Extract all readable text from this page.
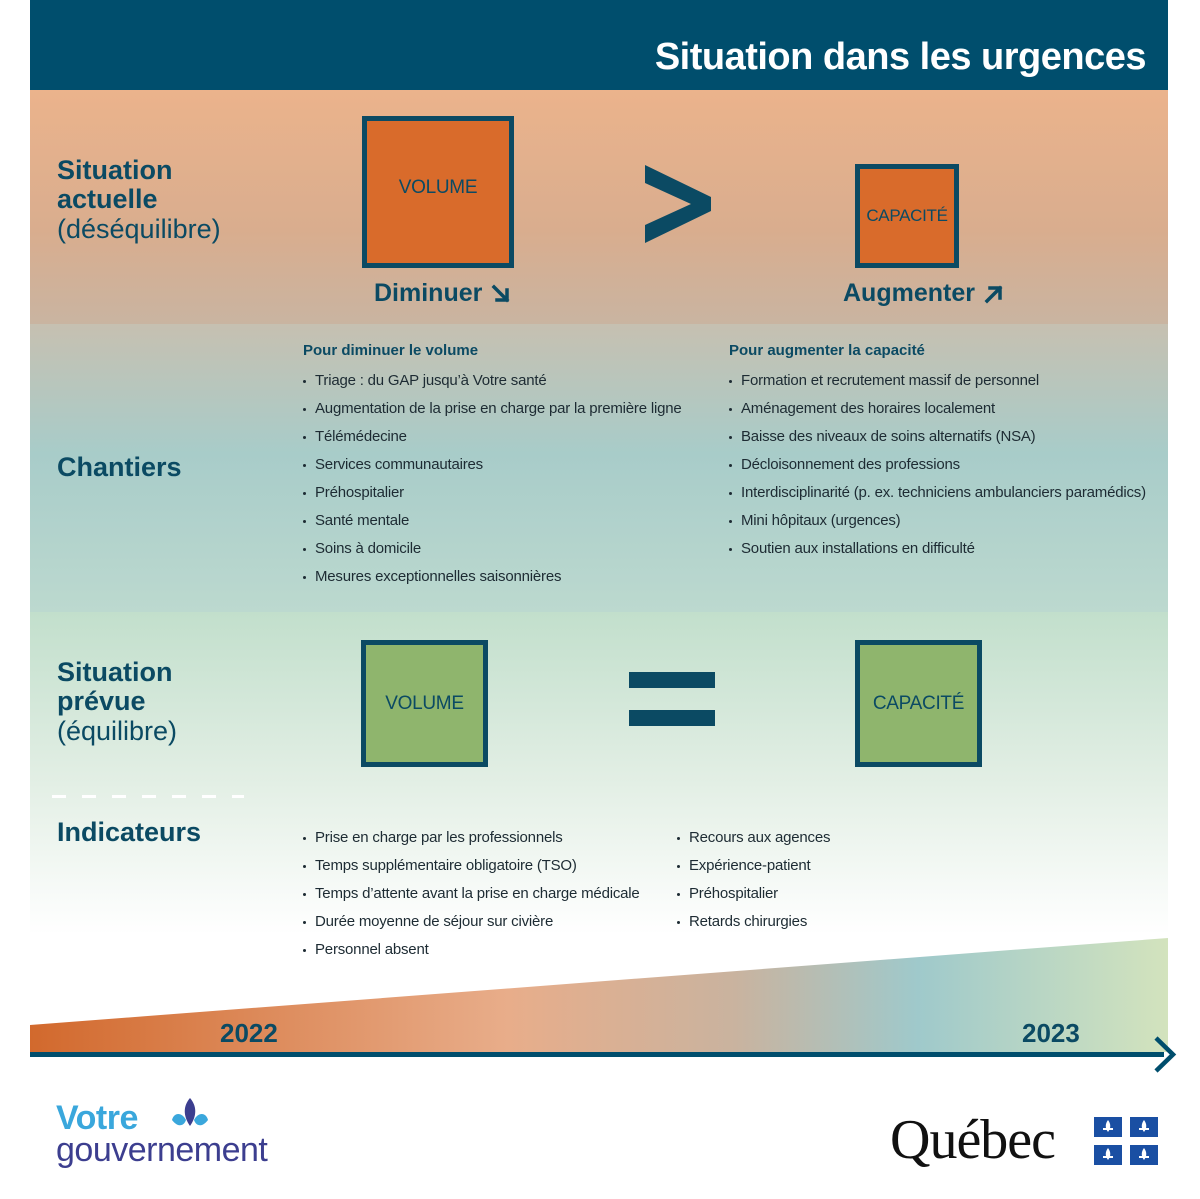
Situation dans les urgences
Situation
actuelle
(déséquilibre)
VOLUME
CAPACITÉ
Diminuer	Augmenter
Chantiers
Pour diminuer le volume
Triage : du GAP jusqu’à Votre santé
Augmentation de la prise en charge par la première ligne
Télémédecine
Services communautaires
Préhospitalier
Santé mentale
Soins à domicile
Mesures exceptionnelles saisonnières
Pour augmenter la capacité
Formation et recrutement massif de personnel
Aménagement des horaires localement
Baisse des niveaux de soins alternatifs (NSA)
Décloisonnement des professions
Interdisciplinarité (p. ex. techniciens ambulanciers paramédics)
Mini hôpitaux (urgences)
Soutien aux installations en difficulté
Situation
prévue
(équilibre)
VOLUME	CAPACITÉ
Indicateurs	Prise en charge par les professionnels
Temps supplémentaire obligatoire (TSO)
Temps d’attente avant la prise en charge médicale
Durée moyenne de séjour sur civière
Personnel absent
Recours aux agences
Expérience-patient
Préhospitalier
Retards chirurgies
2022	2023
Votre
gouvernement	Québec
